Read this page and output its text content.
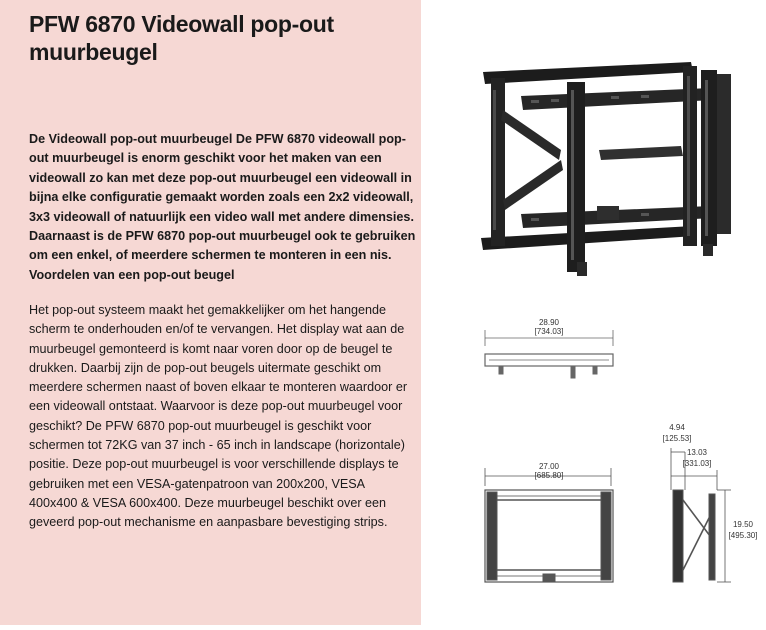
PFW 6870 Videowall pop-out muurbeugel

De Videowall pop-out muurbeugel De PFW 6870 videowall pop-out muurbeugel is enorm geschikt voor het maken van een videowall zo kan met deze pop-out muurbeugel een videowall in bijna elke configuratie gemaakt worden zoals een 2x2 videowall, 3x3 videowall of natuurlijk een video wall met andere dimensies. Daarnaast is de PFW 6870 pop-out muurbeugel ook te gebruiken om een enkel, of meerdere schermen te monteren in een nis. Voordelen van een pop-out beugel

Het pop-out systeem maakt het gemakkelijker om het hangende scherm te onderhouden en/of te vervangen. Het display wat aan de muurbeugel gemonteerd is komt naar voren door op de beugel te drukken. Daarbij zijn de pop-out beugels uitermate geschikt om meerdere schermen naast of boven elkaar te monteren waardoor er een videowall ontstaat. Waarvoor is deze pop-out muurbeugel voor geschikt? De PFW 6870 pop-out muurbeugel is geschikt voor schermen tot 72KG van 37 inch - 65 inch in landscape (horizontale) positie. Deze pop-out muurbeugel is voor verschillende displays te gebruiken met een VESA-gatenpatroon van 200x200, VESA 400x400 & VESA 600x400. Deze muurbeugel beschikt over een geveerd pop-out mechanisme en aanpasbare bevestiging strips.

28.90
[734.03]
27.00
[685.80]
4.94
[125.53]
13.03
[331.03]
19.50
[495.30]
